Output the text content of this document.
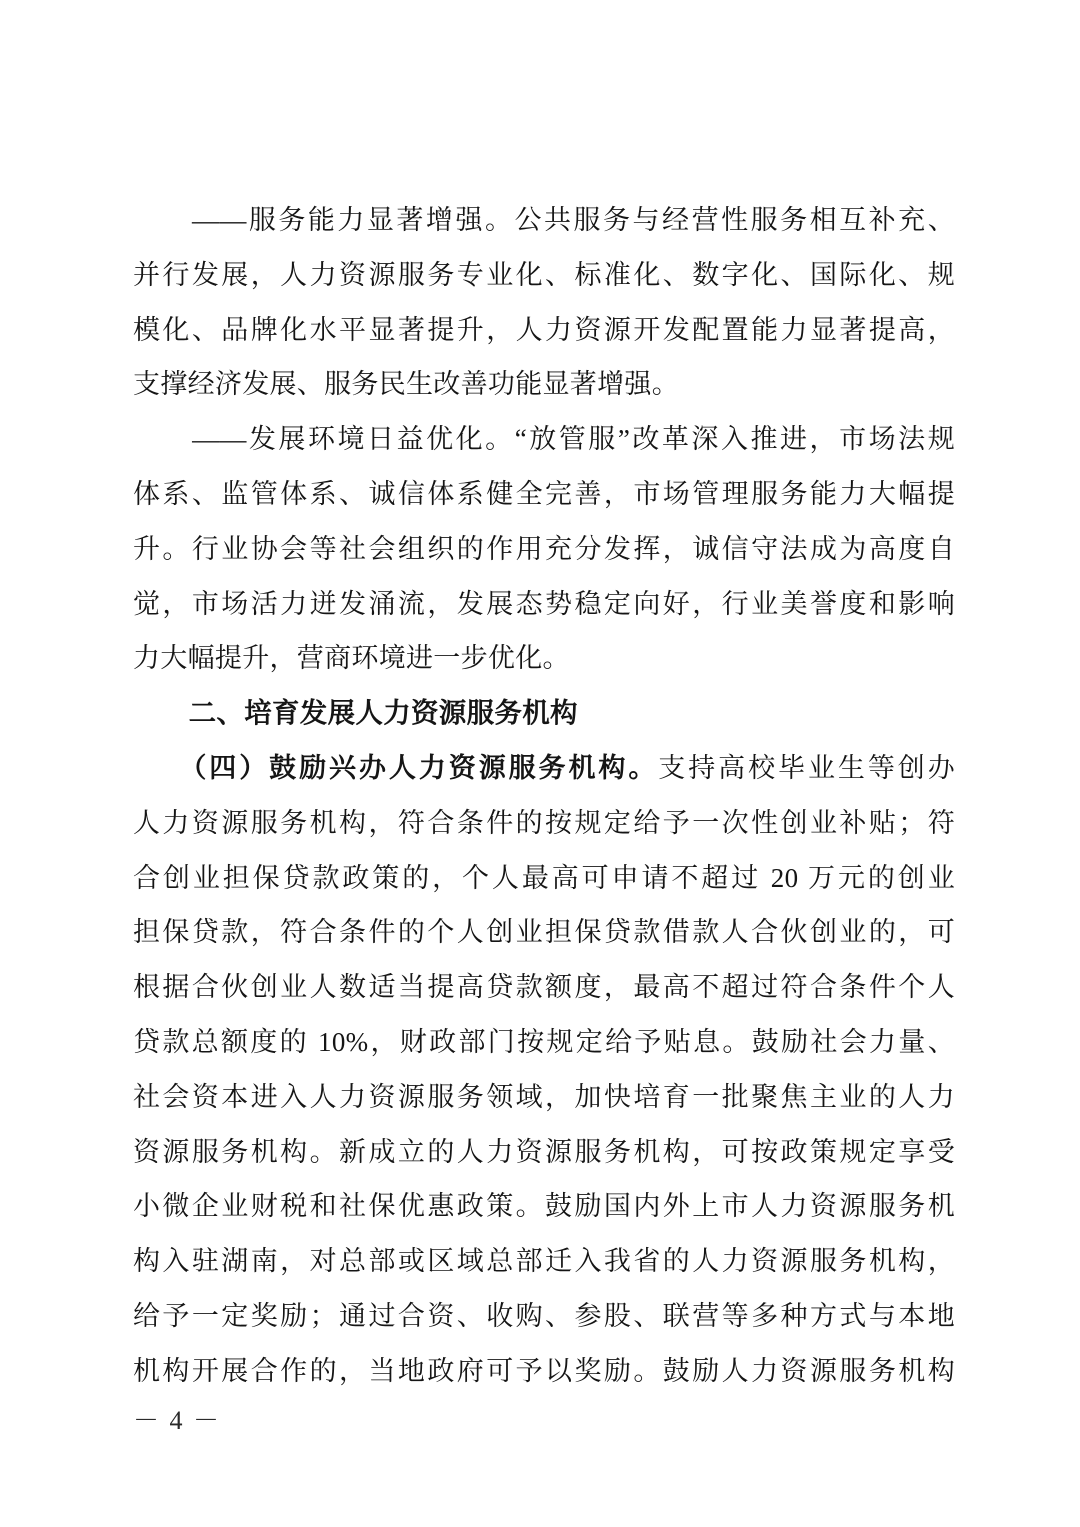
　　——服务能力显著增强。公共服务与经营性服务相互补充、
并行发展，人力资源服务专业化、标准化、数字化、国际化、规
模化、品牌化水平显著提升，人力资源开发配置能力显著提高，
支撑经济发展、服务民生改善功能显著增强。
　　——发展环境日益优化。“放管服”改革深入推进，市场法规
体系、监管体系、诚信体系健全完善，市场管理服务能力大幅提
升。行业协会等社会组织的作用充分发挥，诚信守法成为高度自
觉，市场活力迸发涌流，发展态势稳定向好，行业美誉度和影响
力大幅提升，营商环境进一步优化。
　　二、培育发展人力资源服务机构
　　（四）鼓励兴办人力资源服务机构。支持高校毕业生等创办
人力资源服务机构，符合条件的按规定给予一次性创业补贴；符
合创业担保贷款政策的，个人最高可申请不超过 20 万元的创业
担保贷款，符合条件的个人创业担保贷款借款人合伙创业的，可
根据合伙创业人数适当提高贷款额度，最高不超过符合条件个人
贷款总额度的 10%，财政部门按规定给予贴息。鼓励社会力量、
社会资本进入人力资源服务领域，加快培育一批聚焦主业的人力
资源服务机构。新成立的人力资源服务机构，可按政策规定享受
小微企业财税和社保优惠政策。鼓励国内外上市人力资源服务机
构入驻湖南，对总部或区域总部迁入我省的人力资源服务机构，
给予一定奖励；通过合资、收购、参股、联营等多种方式与本地
机构开展合作的，当地政府可予以奖励。鼓励人力资源服务机构
－ 4 －
